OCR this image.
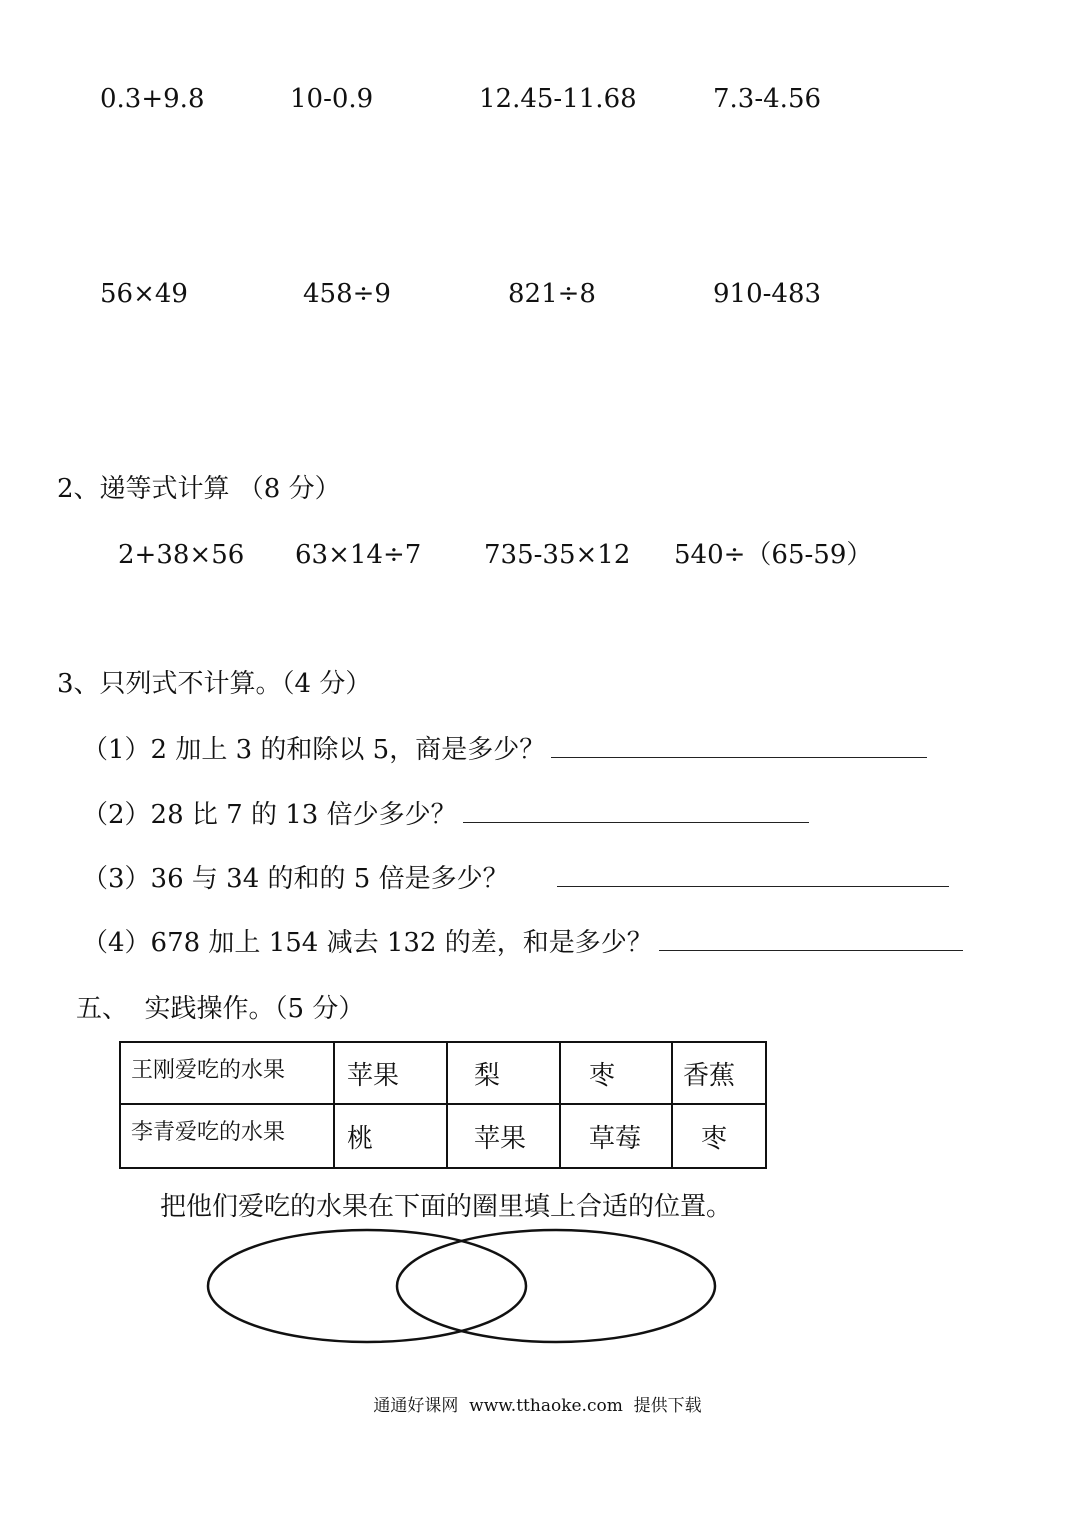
0.3+9.8	10-0.9	12.45-11.68	7.3-4.56
56×49	458÷9	821÷8	910-483
2、递等式计算 （8 分）
2+38×56 63×14÷7 735-35×12 540÷（65-59）
3、只列式不计算。（4 分）
（1）2 加上 3 的和除以 5，商是多少？
（2）28 比 7 的 13 倍少多少？
（3）36 与 34 的和的 5 倍是多少？
（4）678 加上 154 减去 132 的差，和是多少？
五、  实践操作。（5 分）
王刚爱吃的水果	苹果	梨	枣	香蕉
李青爱吃的水果	桃	苹果	草莓	枣
把他们爱吃的水果在下面的圈里填上合适的位置。
通通好课网  www.tthaoke.com  提供下载
